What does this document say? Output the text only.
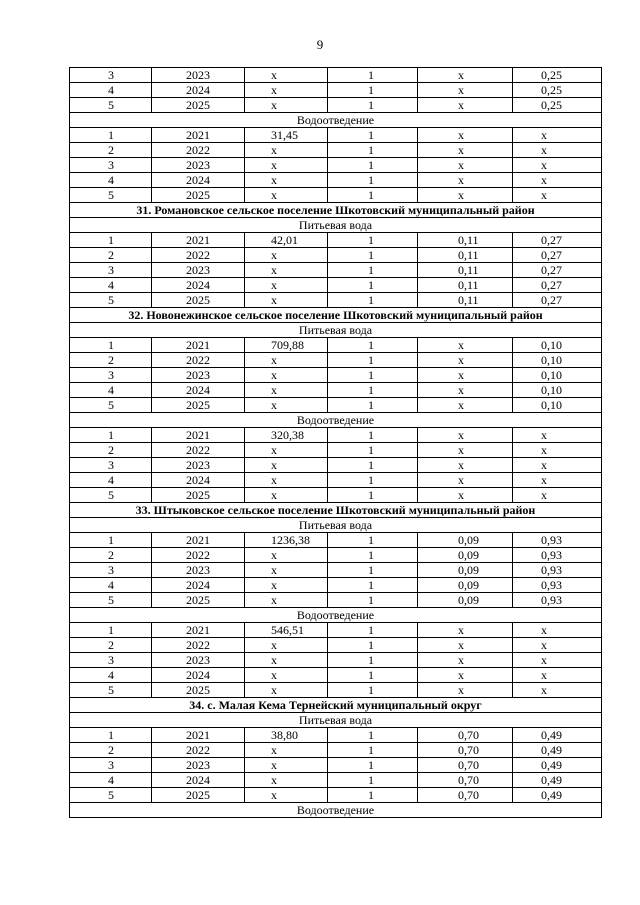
9
3	2023	x	1	x	0,25
4	2024	x	1	x	0,25
5	2025	x	1	x	0,25
Водоотведение					
1	2021	31,45	1	x	x
2	2022	x	1	x	x
3	2023	x	1	x	x
4	2024	x	1	x	x
5	2025	x	1	x	x
31. Романовское сельское поселение Шкотовский муниципальный район					
Питьевая вода					
1	2021	42,01	1	0,11	0,27
2	2022	x	1	0,11	0,27
3	2023	x	1	0,11	0,27
4	2024	x	1	0,11	0,27
5	2025	x	1	0,11	0,27
32. Новонежинское сельское поселение Шкотовский муниципальный район					
Питьевая вода					
1	2021	709,88	1	x	0,10
2	2022	x	1	x	0,10
3	2023	x	1	x	0,10
4	2024	x	1	x	0,10
5	2025	x	1	x	0,10
Водоотведение					
1	2021	320,38	1	x	x
2	2022	x	1	x	x
3	2023	x	1	x	x
4	2024	x	1	x	x
5	2025	x	1	x	x
33. Штыковское сельское поселение Шкотовский муниципальный район					
Питьевая вода					
1	2021	1236,38	1	0,09	0,93
2	2022	x	1	0,09	0,93
3	2023	x	1	0,09	0,93
4	2024	x	1	0,09	0,93
5	2025	x	1	0,09	0,93
Водоотведение					
1	2021	546,51	1	x	x
2	2022	x	1	x	x
3	2023	x	1	x	x
4	2024	x	1	x	x
5	2025	x	1	x	x
34. с. Малая Кема Тернейский муниципальный округ					
Питьевая вода					
1	2021	38,80	1	0,70	0,49
2	2022	x	1	0,70	0,49
3	2023	x	1	0,70	0,49
4	2024	x	1	0,70	0,49
5	2025	x	1	0,70	0,49
Водоотведение					
